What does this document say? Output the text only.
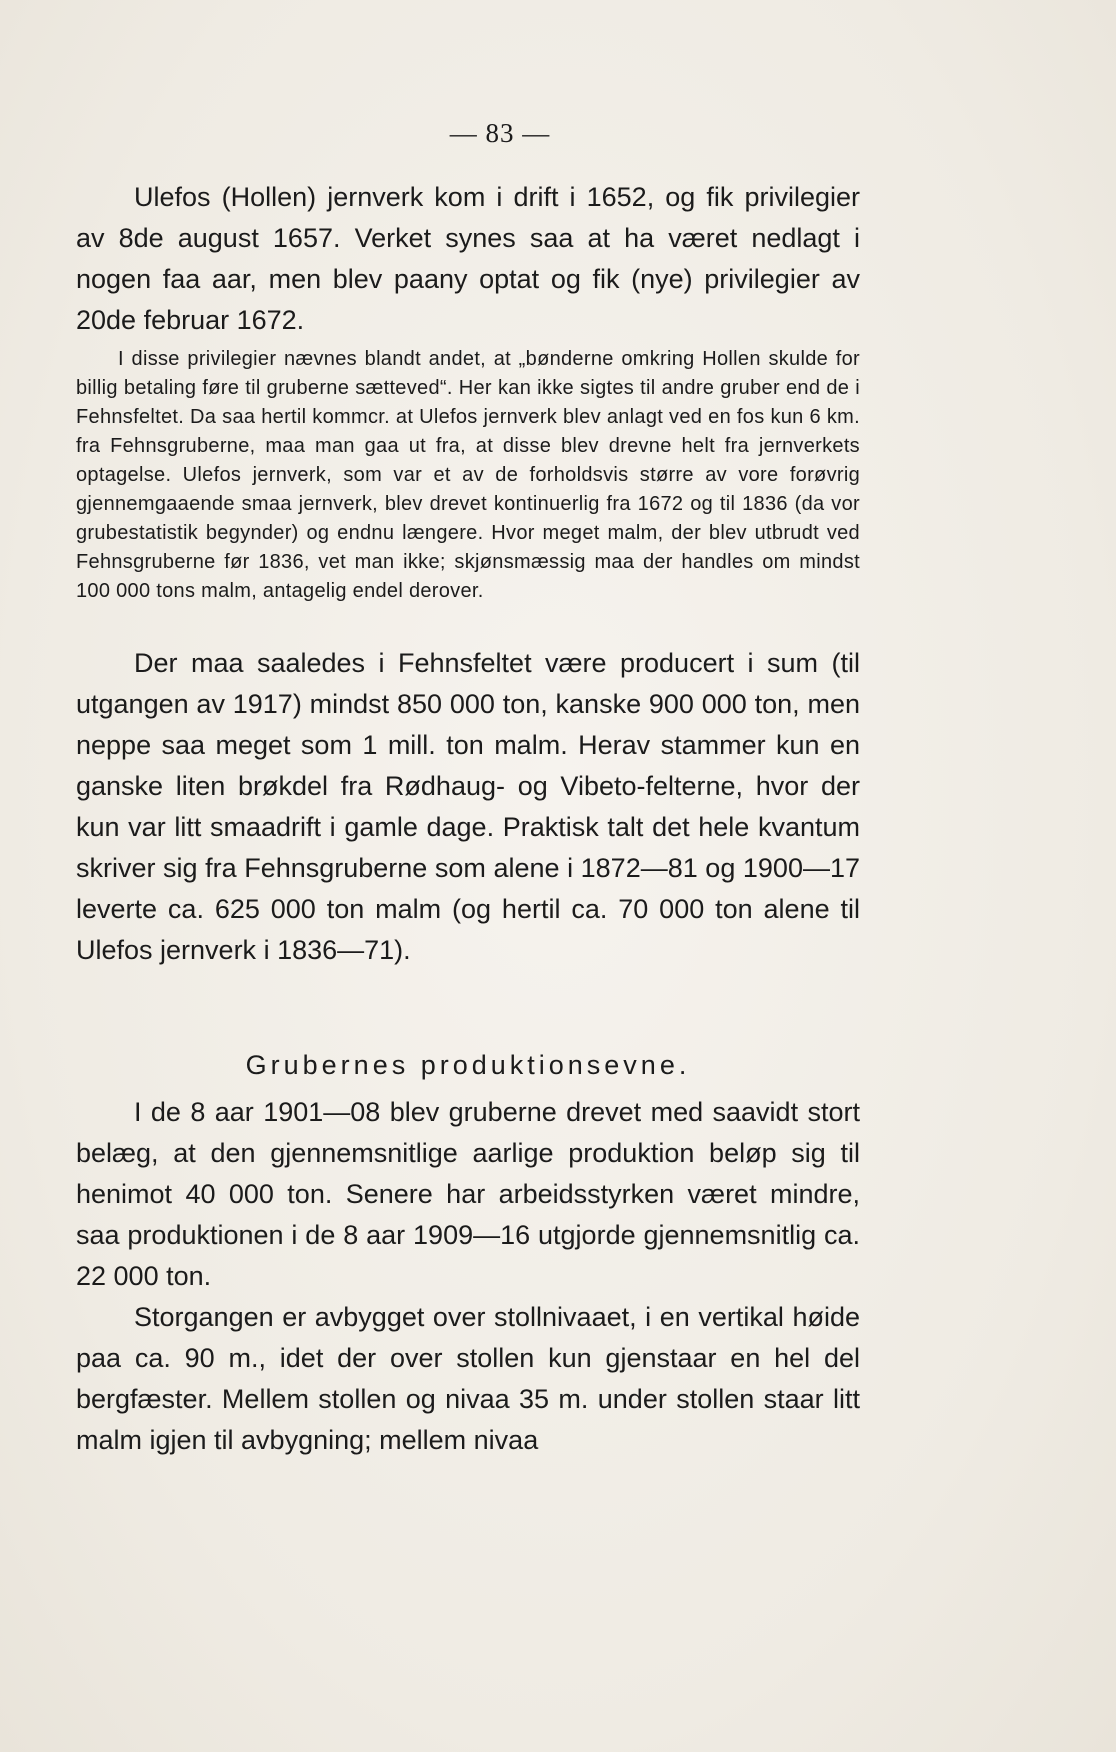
— 83 —

Ulefos (Hollen) jernverk kom i drift i 1652, og fik privilegier av 8de august 1657. Verket synes saa at ha været nedlagt i nogen faa aar, men blev paany optat og fik (nye) privilegier av 20de februar 1672.

I disse privilegier nævnes blandt andet, at „bønderne omkring Hollen skulde for billig betaling føre til gruberne sætteved“. Her kan ikke sigtes til andre gruber end de i Fehnsfeltet. Da saa hertil kommcr. at Ulefos jernverk blev anlagt ved en fos kun 6 km. fra Fehnsgruberne, maa man gaa ut fra, at disse blev drevne helt fra jernverkets optagelse. Ulefos jernverk, som var et av de forholdsvis større av vore forøvrig gjennemgaaende smaa jernverk, blev drevet kontinuerlig fra 1672 og til 1836 (da vor grubestatistik begynder) og endnu længere. Hvor meget malm, der blev utbrudt ved Fehnsgruberne før 1836, vet man ikke; skjønsmæssig maa der handles om mindst 100 000 tons malm, antagelig endel derover.

Der maa saaledes i Fehnsfeltet være producert i sum (til utgangen av 1917) mindst 850 000 ton, kanske 900 000 ton, men neppe saa meget som 1 mill. ton malm. Herav stammer kun en ganske liten brøkdel fra Rødhaug- og Vibeto-felterne, hvor der kun var litt smaadrift i gamle dage. Praktisk talt det hele kvantum skriver sig fra Fehnsgruberne som alene i 1872—81 og 1900—17 leverte ca. 625 000 ton malm (og hertil ca. 70 000 ton alene til Ulefos jernverk i 1836—71).

Grubernes produktionsevne.

I de 8 aar 1901—08 blev gruberne drevet med saavidt stort belæg, at den gjennemsnitlige aarlige produktion beløp sig til henimot 40 000 ton. Senere har arbeidsstyrken været mindre, saa produktionen i de 8 aar 1909—16 utgjorde gjennemsnitlig ca. 22 000 ton.

Storgangen er avbygget over stollnivaaet, i en vertikal høide paa ca. 90 m., idet der over stollen kun gjenstaar en hel del bergfæster. Mellem stollen og nivaa 35 m. under stollen staar litt malm igjen til avbygning; mellem nivaa
